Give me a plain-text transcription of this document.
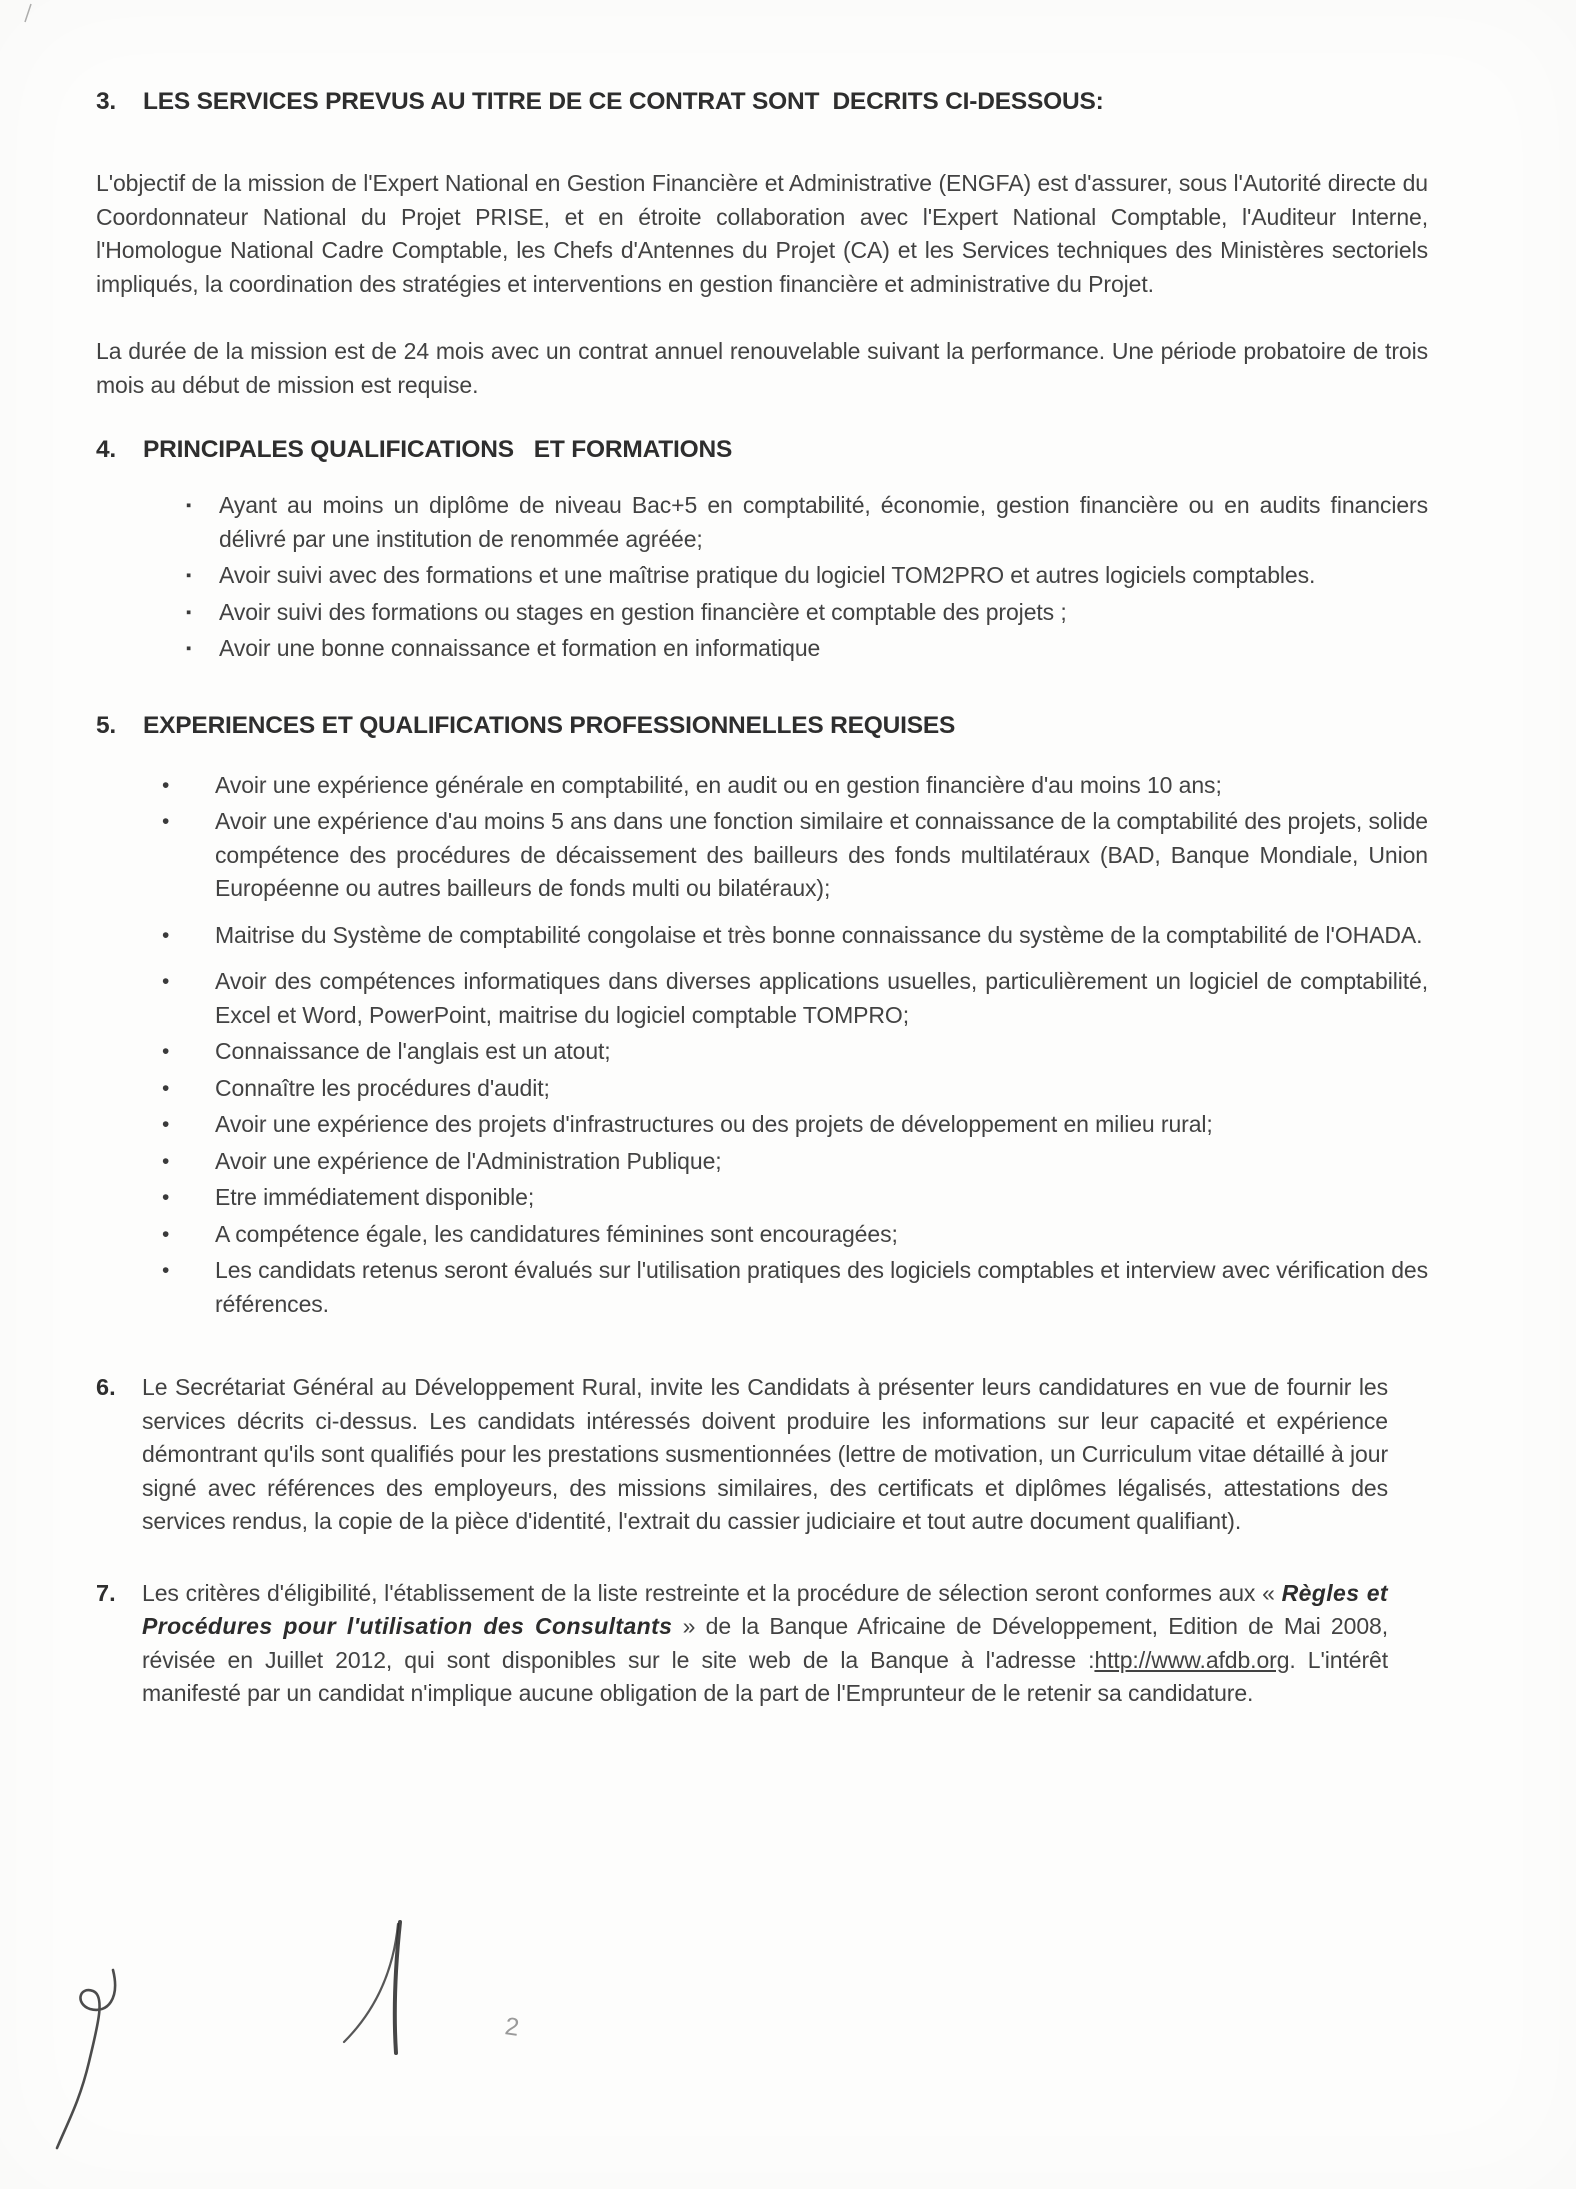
3.	LES SERVICES PREVUS AU TITRE DE CE CONTRAT SONT  DECRITS CI-DESSOUS:

L'objectif de la mission de l'Expert National en Gestion Financière et Administrative (ENGFA) est d'assurer, sous l'Autorité directe du Coordonnateur National du Projet PRISE, et en étroite collaboration avec l'Expert National Comptable, l'Auditeur Interne, l'Homologue National Cadre Comptable, les Chefs d'Antennes du Projet (CA) et les Services techniques des Ministères sectoriels impliqués, la coordination des stratégies et interventions en gestion financière et administrative du Projet.

La durée de la mission est de 24 mois avec un contrat annuel renouvelable suivant la performance. Une période probatoire de trois mois au début de mission est requise.

4.	PRINCIPALES QUALIFICATIONS   ET FORMATIONS
▪	Ayant au moins un diplôme de niveau Bac+5 en comptabilité, économie, gestion financière ou en audits financiers délivré par une institution de renommée agréée;
▪	Avoir suivi avec des formations et une maîtrise pratique du logiciel TOM2PRO et autres logiciels comptables.
▪	Avoir suivi des formations ou stages en gestion financière et comptable des projets ;
▪	Avoir une bonne connaissance et formation en informatique
5.	EXPERIENCES ET QUALIFICATIONS PROFESSIONNELLES REQUISES
•	Avoir une expérience générale en comptabilité, en audit ou en gestion financière d'au moins 10 ans;
•	Avoir une expérience d'au moins 5 ans dans une fonction similaire et connaissance de la comptabilité des projets, solide compétence des procédures de décaissement des bailleurs des fonds multilatéraux (BAD, Banque Mondiale, Union Européenne ou autres bailleurs de fonds multi ou bilatéraux);
•	Maitrise du Système de comptabilité congolaise et très bonne connaissance du système de la comptabilité de l'OHADA.
•	Avoir des compétences informatiques dans diverses applications usuelles, particulièrement un logiciel de comptabilité, Excel et Word, PowerPoint, maitrise du logiciel comptable TOMPRO;
•	Connaissance de l'anglais est un atout;
•	Connaître les procédures d'audit;
•	Avoir une expérience des projets d'infrastructures ou des projets de développement en milieu rural;
•	Avoir une expérience de l'Administration Publique;
•	Etre immédiatement disponible;
•	A compétence égale, les candidatures féminines sont encouragées;
•	Les candidats retenus seront évalués sur l'utilisation pratiques des logiciels comptables et interview avec vérification des références.
6.	Le Secrétariat Général au Développement Rural, invite les Candidats à présenter leurs candidatures en vue de fournir les services décrits ci-dessus. Les candidats intéressés doivent produire les informations sur leur capacité et expérience démontrant qu'ils sont qualifiés pour les prestations susmentionnées (lettre de motivation, un Curriculum vitae détaillé à jour signé avec références des employeurs, des missions similaires, des certificats et diplômes légalisés, attestations des services rendus, la copie de la pièce d'identité, l'extrait du cassier judiciaire et tout autre document qualifiant).
7.	Les critères d'éligibilité, l'établissement de la liste restreinte et la procédure de sélection seront conformes aux « Règles et Procédures pour l'utilisation des Consultants » de la Banque Africaine de Développement, Edition de Mai 2008, révisée en Juillet 2012, qui sont disponibles sur le site web de la Banque à l'adresse :http://www.afdb.org. L'intérêt manifesté par un candidat n'implique aucune obligation de la part de l'Emprunteur de le retenir sa candidature.
2
